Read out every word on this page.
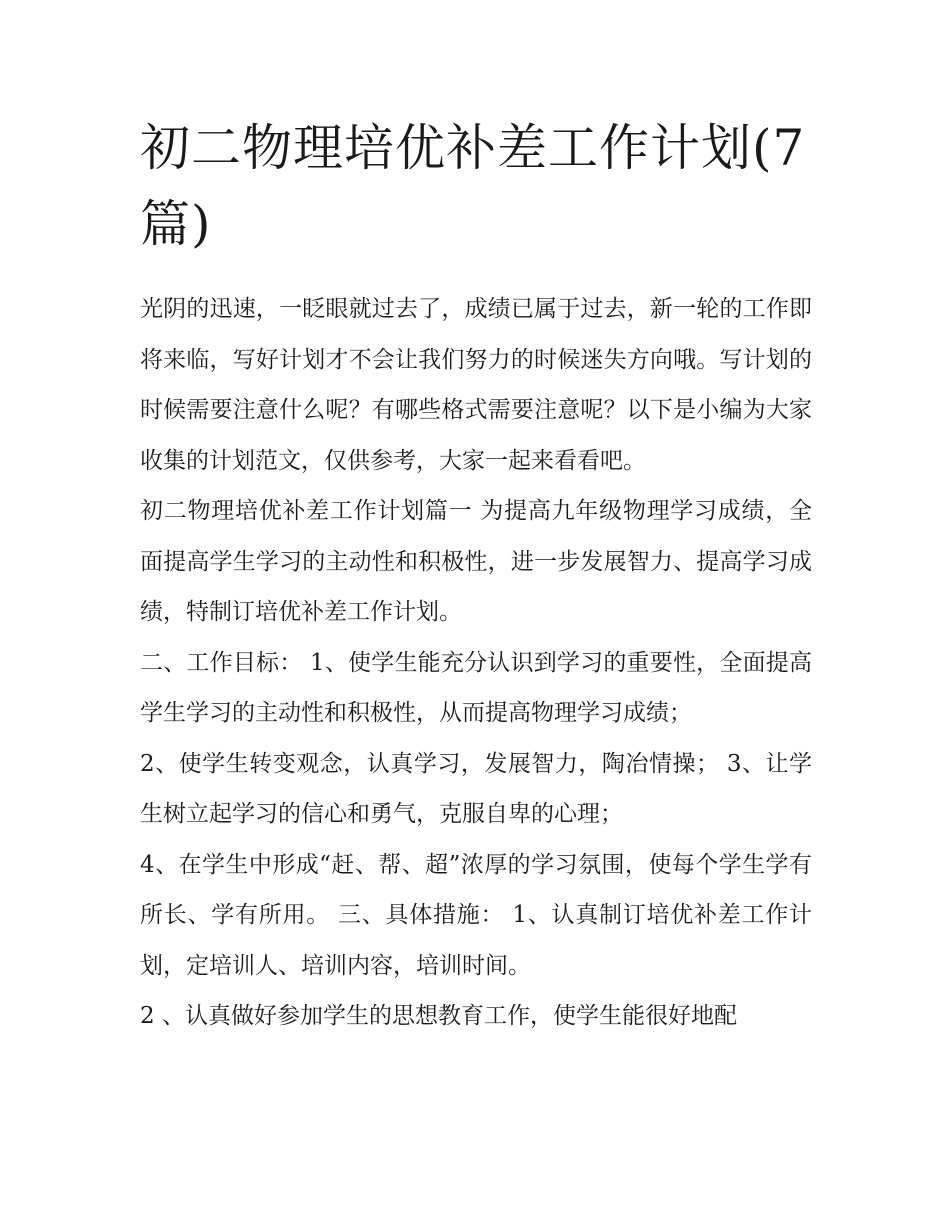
初二物理培优补差工作计划(7篇)

光阴的迅速，一眨眼就过去了，成绩已属于过去，新一轮的工作即将来临，写好计划才不会让我们努力的时候迷失方向哦。写计划的时候需要注意什么呢？有哪些格式需要注意呢？以下是小编为大家收集的计划范文，仅供参考，大家一起来看看吧。

初二物理培优补差工作计划篇一 为提高九年级物理学习成绩，全面提高学生学习的主动性和积极性，进一步发展智力、提高学习成绩，特制订培优补差工作计划。

二、工作目标： 1、使学生能充分认识到学习的重要性，全面提高学生学习的主动性和积极性，从而提高物理学习成绩；

2、使学生转变观念，认真学习，发展智力，陶冶情操； 3、让学生树立起学习的信心和勇气，克服自卑的心理；

4、在学生中形成“赶、帮、超”浓厚的学习氛围，使每个学生学有所长、学有所用。 三、具体措施： 1、认真制订培优补差工作计划，定培训人、培训内容，培训时间。

2 、认真做好参加学生的思想教育工作，使学生能很好地配
